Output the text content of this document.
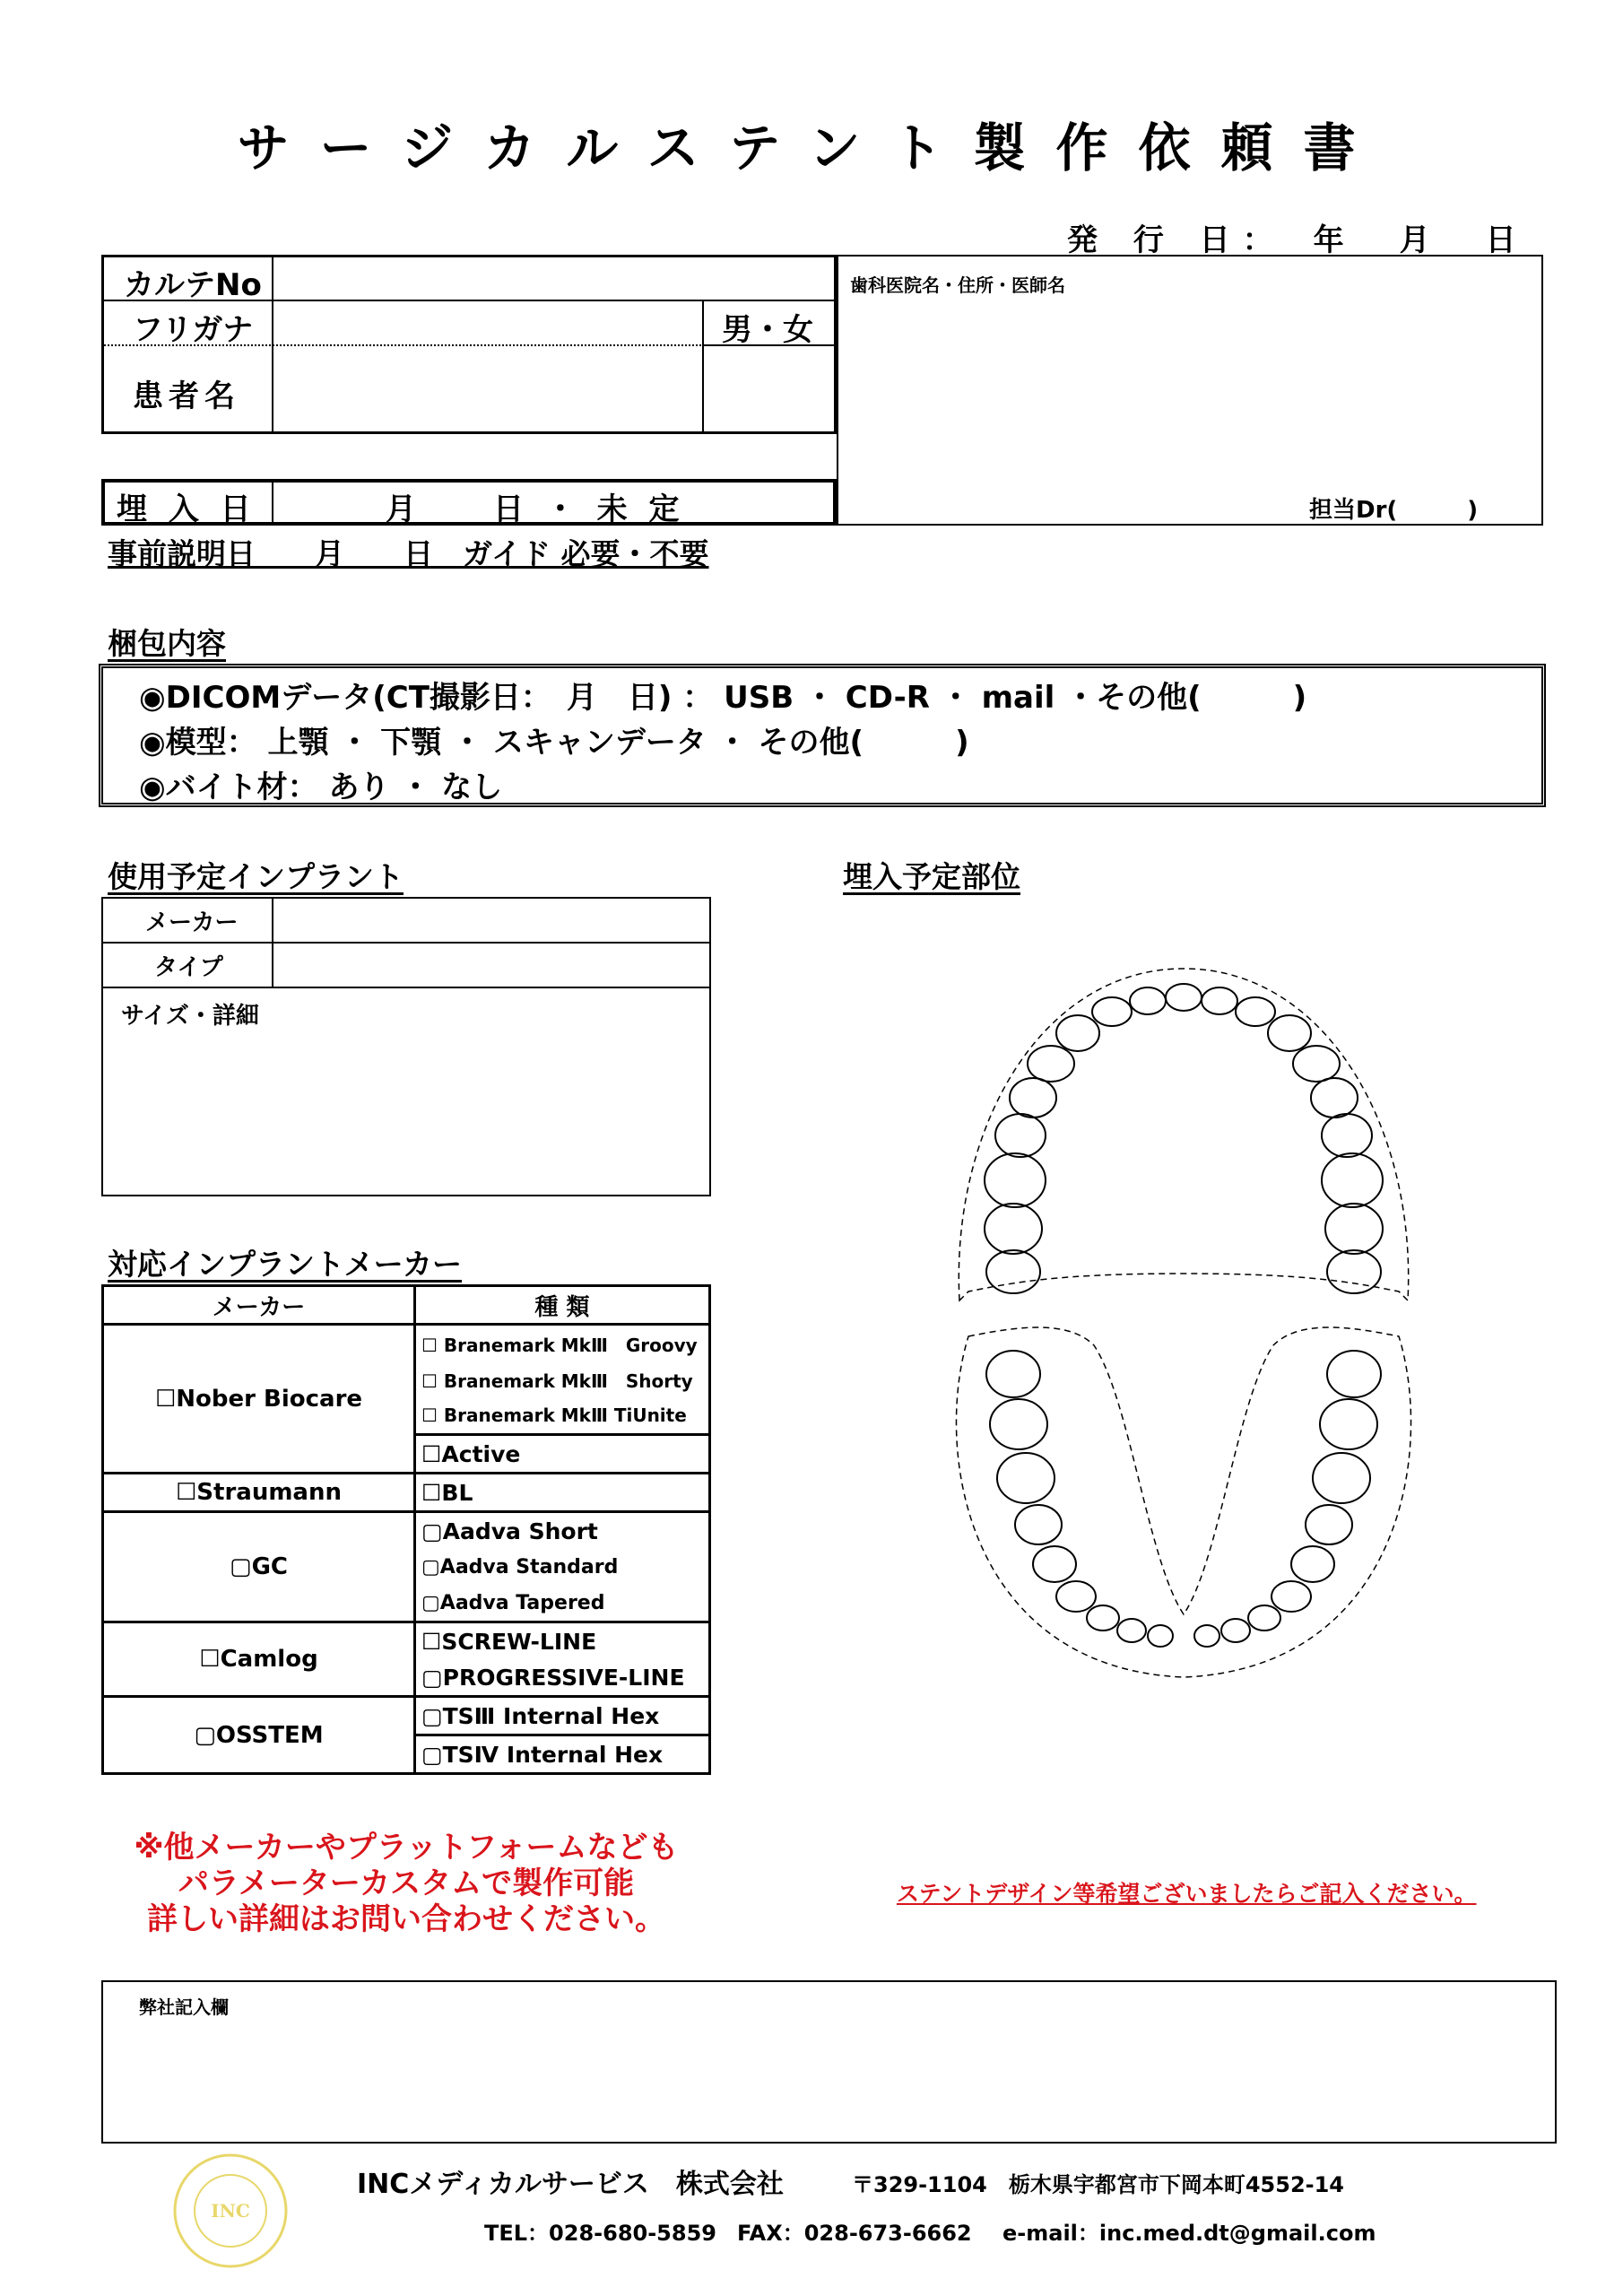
サージカルステント製作依頼書
発 行 日：　年　月　日
カルテNo
フリガナ	男・女
患者名
埋 入 日	月　　日 ・ 未 定
事前説明日　　月　　日　ガイド 必要・不要
歯科医院名・住所・医師名
担当Dr(　　　)
梱包内容
◉DICOMデータ(CT撮影日：　月　日) ： USB ・ CD-R ・ mail ・その他(　　　)
◉模型： 上顎 ・ 下顎 ・ スキャンデータ ・ その他(　　　)
◉バイト材： あり ・ なし
使用予定インプラント
メーカー
タイプ
サイズ・詳細
埋入予定部位
対応インプラントメーカー
メーカー	種 類
☐Nober Biocare	☐ Branemark MkⅢ　Groovy
	☐ Branemark MkⅢ　Shorty
	☐ Branemark MkⅢ TiUnite
	☐Active
☐Straumann	☐BL
▢GC	▢Aadva Short
	▢Aadva Standard
	▢Aadva Tapered
☐Camlog	☐SCREW-LINE
	▢PROGRESSIVE-LINE
▢OSSTEM	▢TSⅢ Internal Hex
	▢TSⅣ Internal Hex
※他メーカーやプラットフォームなども
パラメーターカスタムで製作可能
詳しい詳細はお問い合わせください。
ステントデザイン等希望ございましたらご記入ください。
弊社記入欄
INC
INCメディカルサービス　株式会社	〒329-1104　栃木県宇都宮市下岡本町4552-14
TEL：028-680-5859 FAX：028-673-6662 e-mail：inc.med.dt@gmail.com
